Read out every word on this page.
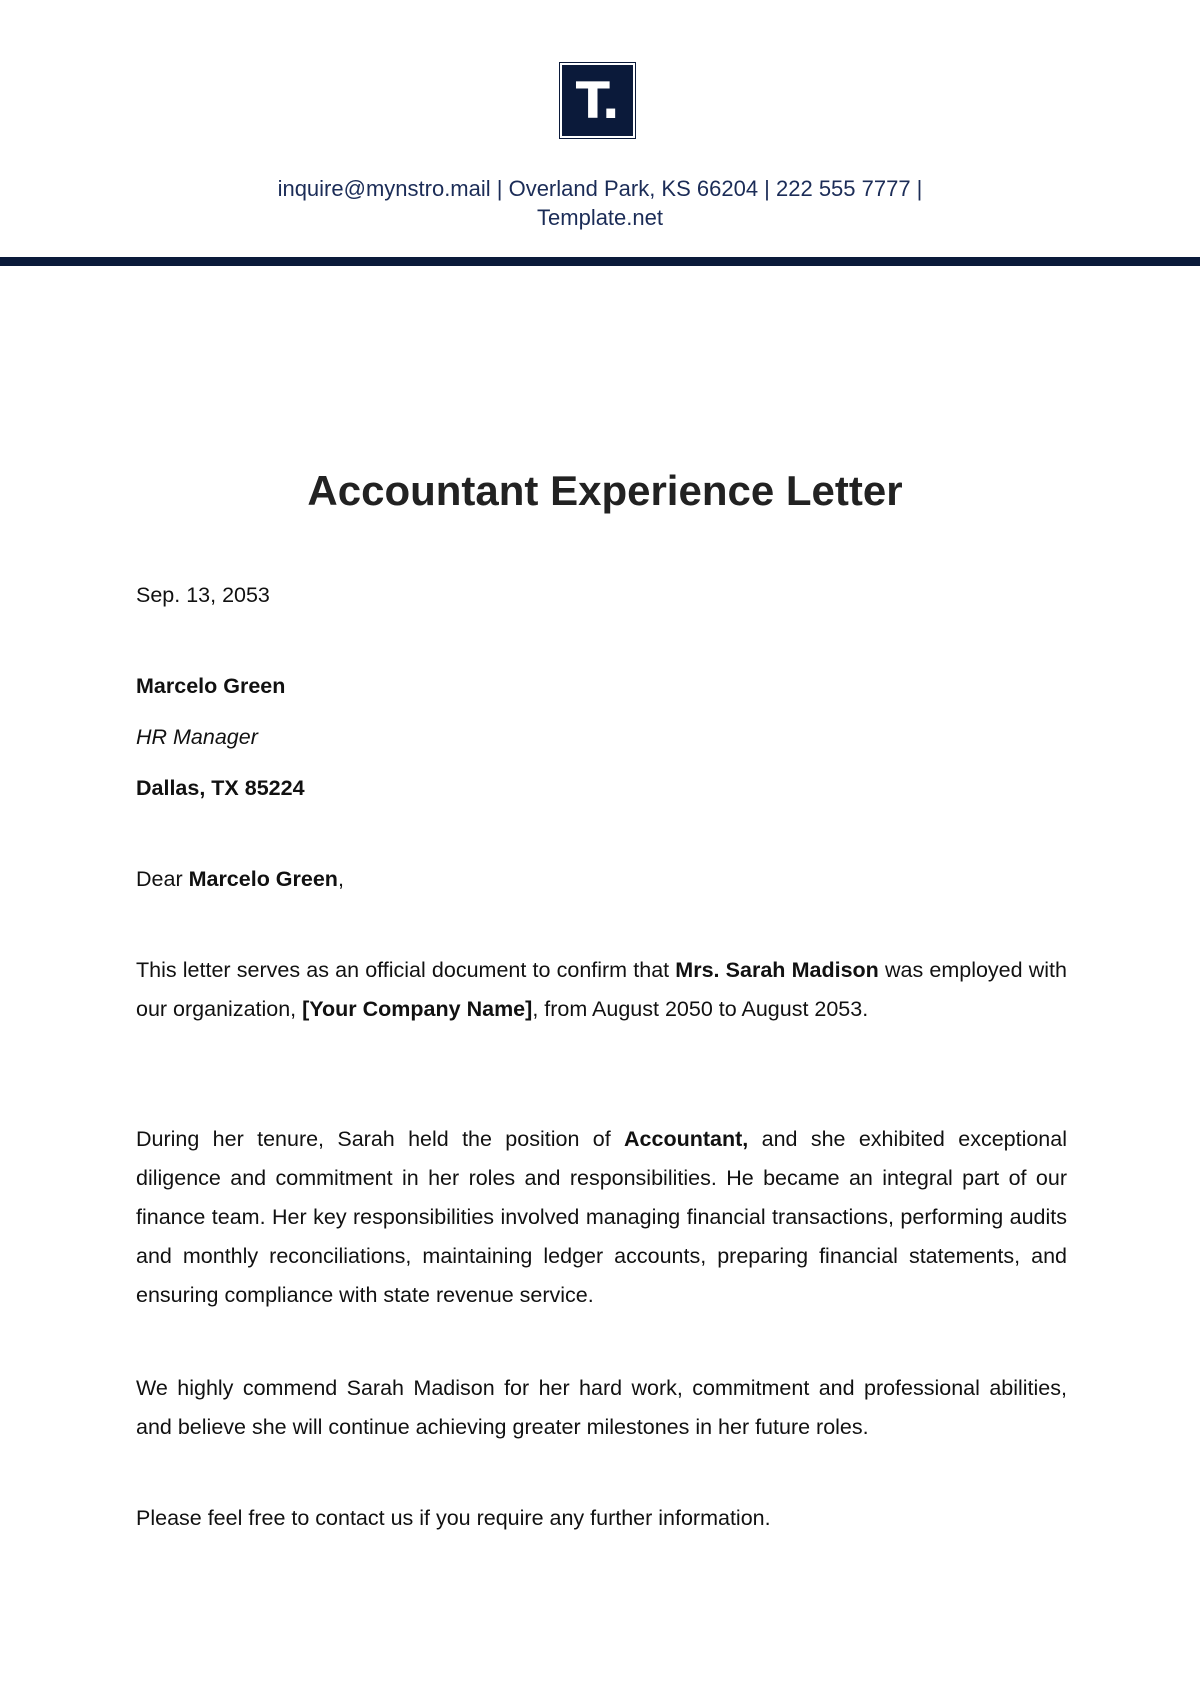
T.
inquire@mynstro.mail | Overland Park, KS 66204 | 222 555 7777 |
Template.net
Accountant Experience Letter

Sep. 13, 2053

Marcelo Green

HR Manager

Dallas, TX 85224

Dear Marcelo Green,

This letter serves as an official document to confirm that Mrs. Sarah Madison was employed with our organization, [Your Company Name], from August 2050 to August 2053.

During her tenure, Sarah held the position of Accountant, and she exhibited exceptional diligence and commitment in her roles and responsibilities. He became an integral part of our finance team. Her key responsibilities involved managing financial transactions, performing audits and monthly reconciliations, maintaining ledger accounts, preparing financial statements, and ensuring compliance with state revenue service.

We highly commend Sarah Madison for her hard work, commitment and professional abilities, and believe she will continue achieving greater milestones in her future roles.

Please feel free to contact us if you require any further information.
